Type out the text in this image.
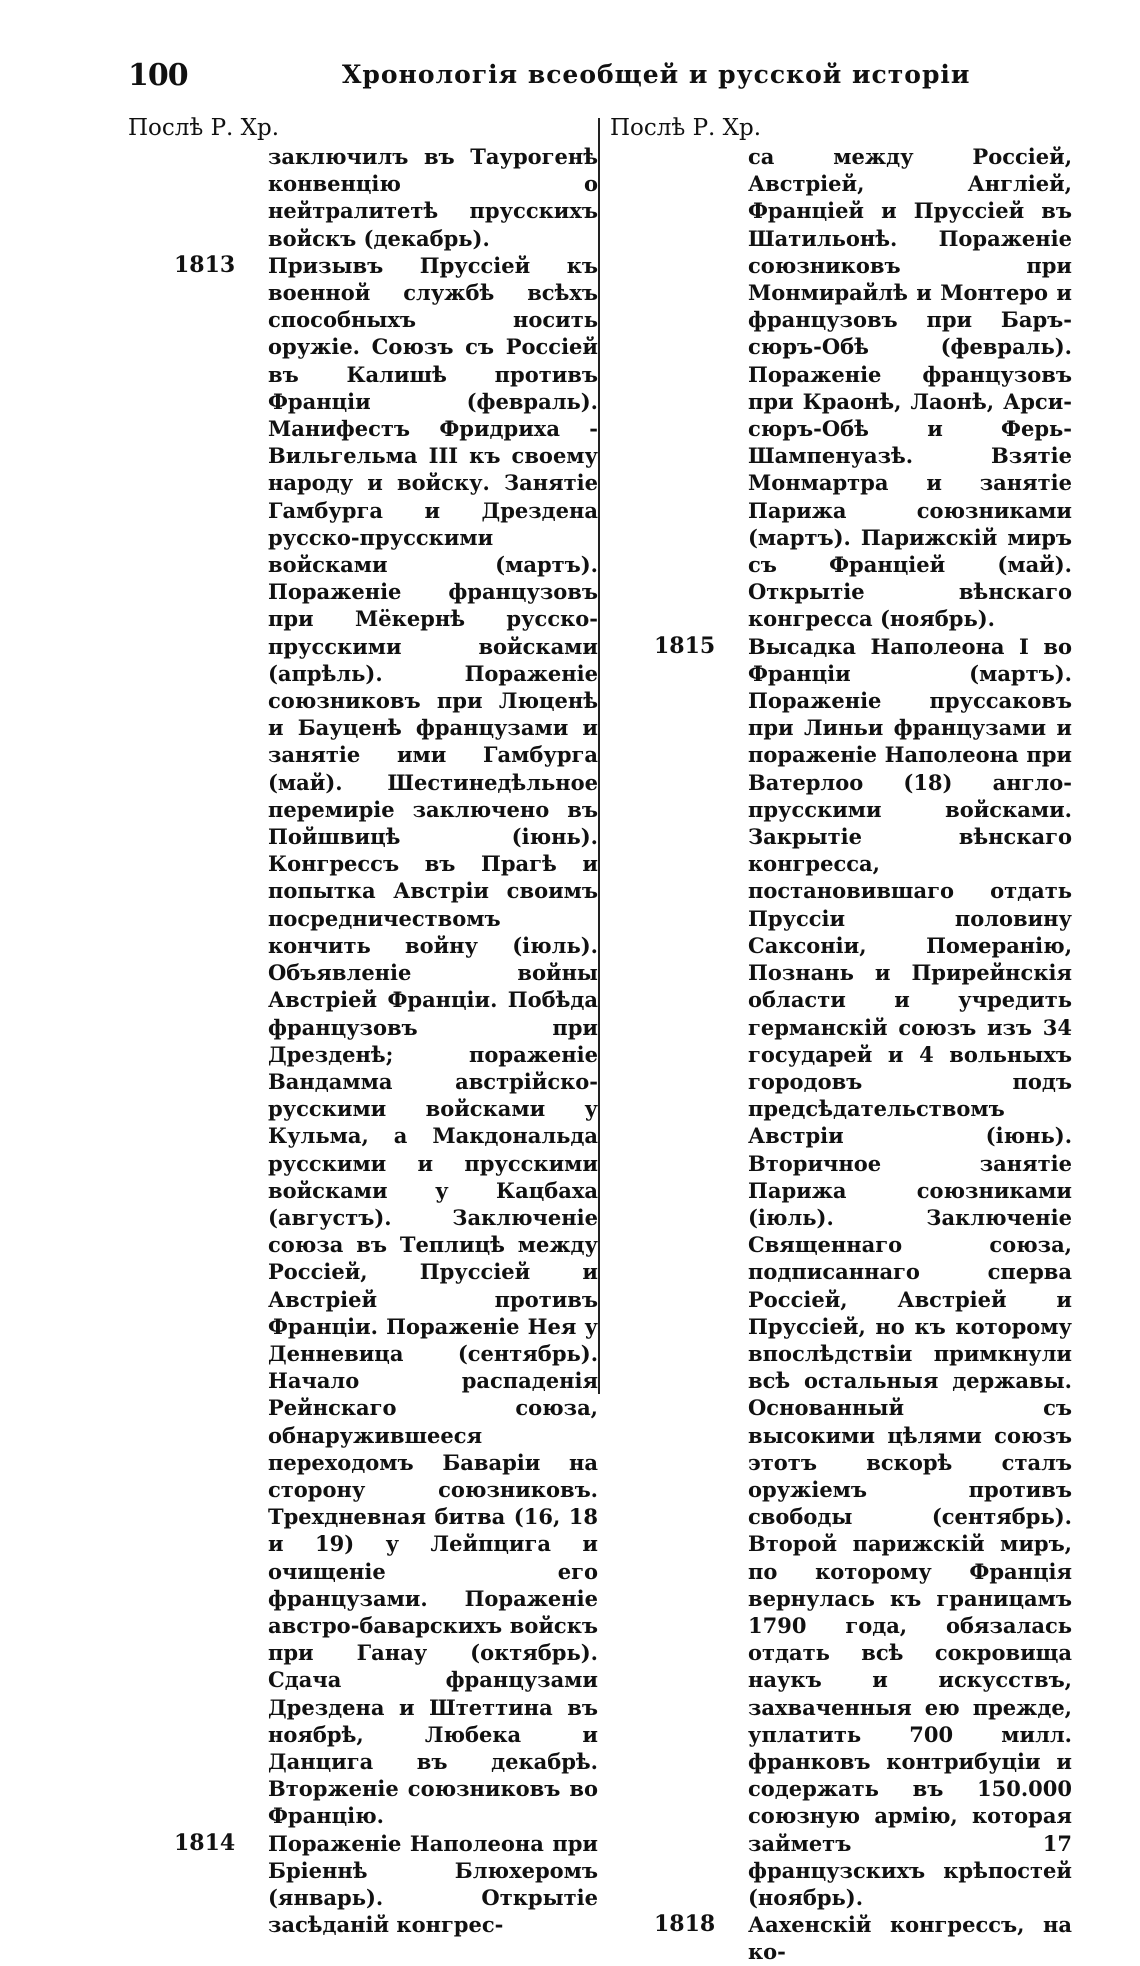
100	Хронологія всеобщей и русской исторіи
Послѣ Р. Хр.
заключилъ въ Таурогенѣ конвенцію о нейтралитетѣ прусскихъ войскъ (декабрь).
1813 Призывъ Пруссіей къ военной службѣ всѣхъ способныхъ носить оружіе. Союзъ съ Россіей въ Калишѣ противъ Франціи (февраль). Манифестъ Фридриха - Вильгельма III къ своему народу и войску. Занятіе Гамбурга и Дрездена русско-прусскими войсками (мартъ). Пораженіе французовъ при Мёкернѣ русско-прусскими войсками (апрѣль). Пораженіе союзниковъ при Люценѣ и Бауценѣ французами и занятіе ими Гамбурга (май). Шестинедѣльное перемиріе заключено въ Пойшвицѣ (іюнь). Конгрессъ въ Прагѣ и попытка Австріи своимъ посредничествомъ кончить войну (іюль). Объявленіе войны Австріей Франціи. Побѣда французовъ при Дрезденѣ; пораженіе Вандамма австрійско-русскими войсками у Кульма, а Макдональда русскими и прусскими войсками у Кацбаха (августъ). Заключеніе союза въ Теплицѣ между Россіей, Пруссіей и Австріей противъ Франціи. Пораженіе Нея у Денневица (сентябрь). Начало распаденія Рейнскаго союза, обнаружившееся переходомъ Баваріи на сторону союзниковъ. Трехдневная битва (16, 18 и 19) у Лейпцига и очищеніе его французами. Пораженіе австро-баварскихъ войскъ при Ганау (октябрь). Сдача французами Дрездена и Штеттина въ ноябрѣ, Любека и Данцига въ декабрѣ. Вторженіе союзниковъ во Францію.
1814 Пораженіе Наполеона при Бріеннѣ Блюхеромъ (январь). Открытіе засѣданій конгрес-
Послѣ Р. Хр.
са между Россіей, Австріей, Англіей, Франціей и Пруссіей въ Шатильонѣ. Пораженіе союзниковъ при Монмирайлѣ и Монтеро и французовъ при Баръ-сюръ-Обѣ (февраль). Пораженіе французовъ при Краонѣ, Лаонѣ, Арси-сюръ-Обѣ и Ферь-Шампенуазѣ. Взятіе Монмартра и занятіе Парижа союзниками (мартъ). Парижскій миръ съ Франціей (май). Открытіе вѣнскаго конгресса (ноябрь).
1815 Высадка Наполеона I во Франціи (мартъ). Пораженіе пруссаковъ при Линьи французами и пораженіе Наполеона при Ватерлоо (18) англо-прусскими войсками. Закрытіе вѣнскаго конгресса, постановившаго отдать Пруссіи половину Саксоніи, Померанію, Познань и Прирейнскія области и учредить германскій союзъ изъ 34 государей и 4 вольныхъ городовъ подъ предсѣдательствомъ Австріи (іюнь). Вторичное занятіе Парижа союзниками (іюль). Заключеніе Священнаго союза, подписаннаго сперва Россіей, Австріей и Пруссіей, но къ которому впослѣдствіи примкнули всѣ остальныя державы. Основанный съ высокими цѣлями союзъ этотъ вскорѣ сталъ оружіемъ противъ свободы (сентябрь). Второй парижскій миръ, по которому Франція вернулась къ границамъ 1790 года, обязалась отдать всѣ сокровища наукъ и искусствъ, захваченныя ею прежде, уплатить 700 милл. франковъ контрибуціи и содержать въ 150.000 союзную армію, которая займетъ 17 французскихъ крѣпостей (ноябрь).
1818 Аахенскій конгрессъ, на ко-
